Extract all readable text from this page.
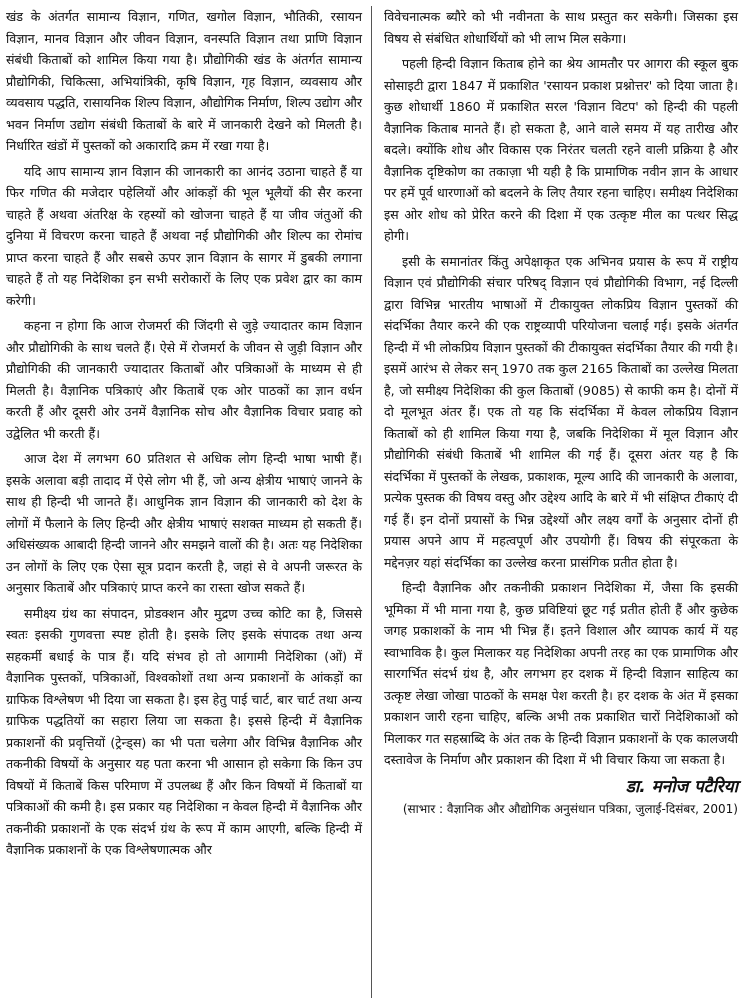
खंड के अंतर्गत सामान्य विज्ञान, गणित, खगोल विज्ञान, भौतिकी, रसायन विज्ञान, मानव विज्ञान और जीवन विज्ञान, वनस्पति विज्ञान तथा प्राणि विज्ञान संबंधी किताबों को शामिल किया गया है। प्रौद्योगिकी खंड के अंतर्गत सामान्य प्रौद्योगिकी, चिकित्सा, अभियांत्रिकी, कृषि विज्ञान, गृह विज्ञान, व्यवसाय और व्यवसाय पद्धति, रासायनिक शिल्प विज्ञान, औद्योगिक निर्माण, शिल्प उद्योग और भवन निर्माण उद्योग संबंधी किताबों के बारे में जानकारी देखने को मिलती है। निर्धारित खंडों में पुस्तकों को अकारादि क्रम में रखा गया है।

यदि आप सामान्य ज्ञान विज्ञान की जानकारी का आनंद उठाना चाहते हैं या फिर गणित की मजेदार पहेलियों और आंकड़ों की भूल भूलैयों की सैर करना चाहते हैं अथवा अंतरिक्ष के रहस्यों को खोजना चाहते हैं या जीव जंतुओं की दुनिया में विचरण करना चाहते हैं अथवा नई प्रौद्योगिकी और शिल्प का रोमांच प्राप्त करना चाहते हैं और सबसे ऊपर ज्ञान विज्ञान के सागर में डुबकी लगाना चाहते हैं तो यह निदेशिका इन सभी सरोकारों के लिए एक प्रवेश द्वार का काम करेगी।

कहना न होगा कि आज रोजमर्रा की जिंदगी से जुड़े ज्यादातर काम विज्ञान और प्रौद्योगिकी के साथ चलते हैं। ऐसे में रोजमर्रा के जीवन से जुड़ी विज्ञान और प्रौद्योगिकी की जानकारी ज्यादातर किताबों और पत्रिकाओं के माध्यम से ही मिलती है। वैज्ञानिक पत्रिकाएं और किताबें एक ओर पाठकों का ज्ञान वर्धन करती हैं और दूसरी ओर उनमें वैज्ञानिक सोच और वैज्ञानिक विचार प्रवाह को उद्वेलित भी करती हैं।

आज देश में लगभग 60 प्रतिशत से अधिक लोग हिन्दी भाषा भाषी हैं। इसके अलावा बड़ी तादाद में ऐसे लोग भी हैं, जो अन्य क्षेत्रीय भाषाएं जानने के साथ ही हिन्दी भी जानते हैं। आधुनिक ज्ञान विज्ञान की जानकारी को देश के लोगों में फैलाने के लिए हिन्दी और क्षेत्रीय भाषाएं सशक्त माध्यम हो सकती हैं। अधिसंख्यक आबादी हिन्दी जानने और समझने वालों की है। अतः यह निदेशिका उन लोगों के लिए एक ऐसा सूत्र प्रदान करती है, जहां से वे अपनी जरूरत के अनुसार किताबें और पत्रिकाएं प्राप्त करने का रास्ता खोज सकते हैं।

समीक्ष्य ग्रंथ का संपादन, प्रोडक्शन और मुद्रण उच्च कोटि का है, जिससे स्वतः इसकी गुणवत्ता स्पष्ट होती है। इसके लिए इसके संपादक तथा अन्य सहकर्मी बधाई के पात्र हैं। यदि संभव हो तो आगामी निदेशिका (ओं) में वैज्ञानिक पुस्तकों, पत्रिकाओं, विश्वकोशों तथा अन्य प्रकाशनों के आंकड़ों का ग्राफिक विश्लेषण भी दिया जा सकता है। इस हेतु पाई चार्ट, बार चार्ट तथा अन्य ग्राफिक पद्धतियों का सहारा लिया जा सकता है। इससे हिन्दी में वैज्ञानिक प्रकाशनों की प्रवृत्तियों (ट्रेन्ड्स) का भी पता चलेगा और विभिन्न वैज्ञानिक और तकनीकी विषयों के अनुसार यह पता करना भी आसान हो सकेगा कि किन उप विषयों में किताबें किस परिमाण में उपलब्ध हैं और किन विषयों में किताबों या पत्रिकाओं की कमी है। इस प्रकार यह निदेशिका न केवल हिन्दी में वैज्ञानिक और तकनीकी प्रकाशनों के एक संदर्भ ग्रंथ के रूप में काम आएगी, बल्कि हिन्दी में वैज्ञानिक प्रकाशनों के एक विश्लेषणात्मक और

विवेचनात्मक ब्यौरे को भी नवीनता के साथ प्रस्तुत कर सकेगी। जिसका इस विषय से संबंधित शोधार्थियों को भी लाभ मिल सकेगा।

पहली हिन्दी विज्ञान किताब होने का श्रेय आमतौर पर आगरा की स्कूल बुक सोसाइटी द्वारा 1847 में प्रकाशित 'रसायन प्रकाश प्रश्नोत्तर' को दिया जाता है। कुछ शोधार्थी 1860 में प्रकाशित सरल 'विज्ञान विटप' को हिन्दी की पहली वैज्ञानिक किताब मानते हैं। हो सकता है, आने वाले समय में यह तारीख और बदले। क्योंकि शोध और विकास एक निरंतर चलती रहने वाली प्रक्रिया है और वैज्ञानिक दृष्टिकोण का तकाज़ा भी यही है कि प्रामाणिक नवीन ज्ञान के आधार पर हमें पूर्व धारणाओं को बदलने के लिए तैयार रहना चाहिए। समीक्ष्य निदेशिका इस ओर शोध को प्रेरित करने की दिशा में एक उत्कृष्ट मील का पत्थर सिद्ध होगी।

इसी के समानांतर किंतु अपेक्षाकृत एक अभिनव प्रयास के रूप में राष्ट्रीय विज्ञान एवं प्रौद्योगिकी संचार परिषद् विज्ञान एवं प्रौद्योगिकी विभाग, नई दिल्ली द्वारा विभिन्न भारतीय भाषाओं में टीकायुक्त लोकप्रिय विज्ञान पुस्तकों की संदर्भिका तैयार करने की एक राष्ट्रव्यापी परियोजना चलाई गई। इसके अंतर्गत हिन्दी में भी लोकप्रिय विज्ञान पुस्तकों की टीकायुक्त संदर्भिका तैयार की गयी है। इसमें आरंभ से लेकर सन् 1970 तक कुल 2165 किताबों का उल्लेख मिलता है, जो समीक्ष्य निदेशिका की कुल किताबों (9085) से काफी कम है। दोनों में दो मूलभूत अंतर हैं। एक तो यह कि संदर्भिका में केवल लोकप्रिय विज्ञान किताबों को ही शामिल किया गया है, जबकि निदेशिका में मूल विज्ञान और प्रौद्योगिकी संबंधी किताबें भी शामिल की गई हैं। दूसरा अंतर यह है कि संदर्भिका में पुस्तकों के लेखक, प्रकाशक, मूल्य आदि की जानकारी के अलावा, प्रत्येक पुस्तक की विषय वस्तु और उद्देश्य आदि के बारे में भी संक्षिप्त टीकाएं दी गई हैं। इन दोनों प्रयासों के भिन्न उद्देश्यों और लक्ष्य वर्गों के अनुसार दोनों ही प्रयास अपने आप में महत्वपूर्ण और उपयोगी हैं। विषय की संपूरकता के मद्देनज़र यहां संदर्भिका का उल्लेख करना प्रासंगिक प्रतीत होता है।

हिन्दी वैज्ञानिक और तकनीकी प्रकाशन निदेशिका में, जैसा कि इसकी भूमिका में भी माना गया है, कुछ प्रविष्टियां छूट गई प्रतीत होती हैं और कुछेक जगह प्रकाशकों के नाम भी भिन्न हैं। इतने विशाल और व्यापक कार्य में यह स्वाभाविक है। कुल मिलाकर यह निदेशिका अपनी तरह का एक प्रामाणिक और सारगर्भित संदर्भ ग्रंथ है, और लगभग हर दशक में हिन्दी विज्ञान साहित्य का उत्कृष्ट लेखा जोखा पाठकों के समक्ष पेश करती है। हर दशक के अंत में इसका प्रकाशन जारी रहना चाहिए, बल्कि अभी तक प्रकाशित चारों निदेशिकाओं को मिलाकर गत सहस्राब्दि के अंत तक के हिन्दी विज्ञान प्रकाशनों के एक कालजयी दस्तावेज के निर्माण और प्रकाशन की दिशा में भी विचार किया जा सकता है।

डा. मनोज पटैरिया
(साभार : वैज्ञानिक और औद्योगिक अनुसंधान पत्रिका, जुलाई-दिसंबर, 2001)
